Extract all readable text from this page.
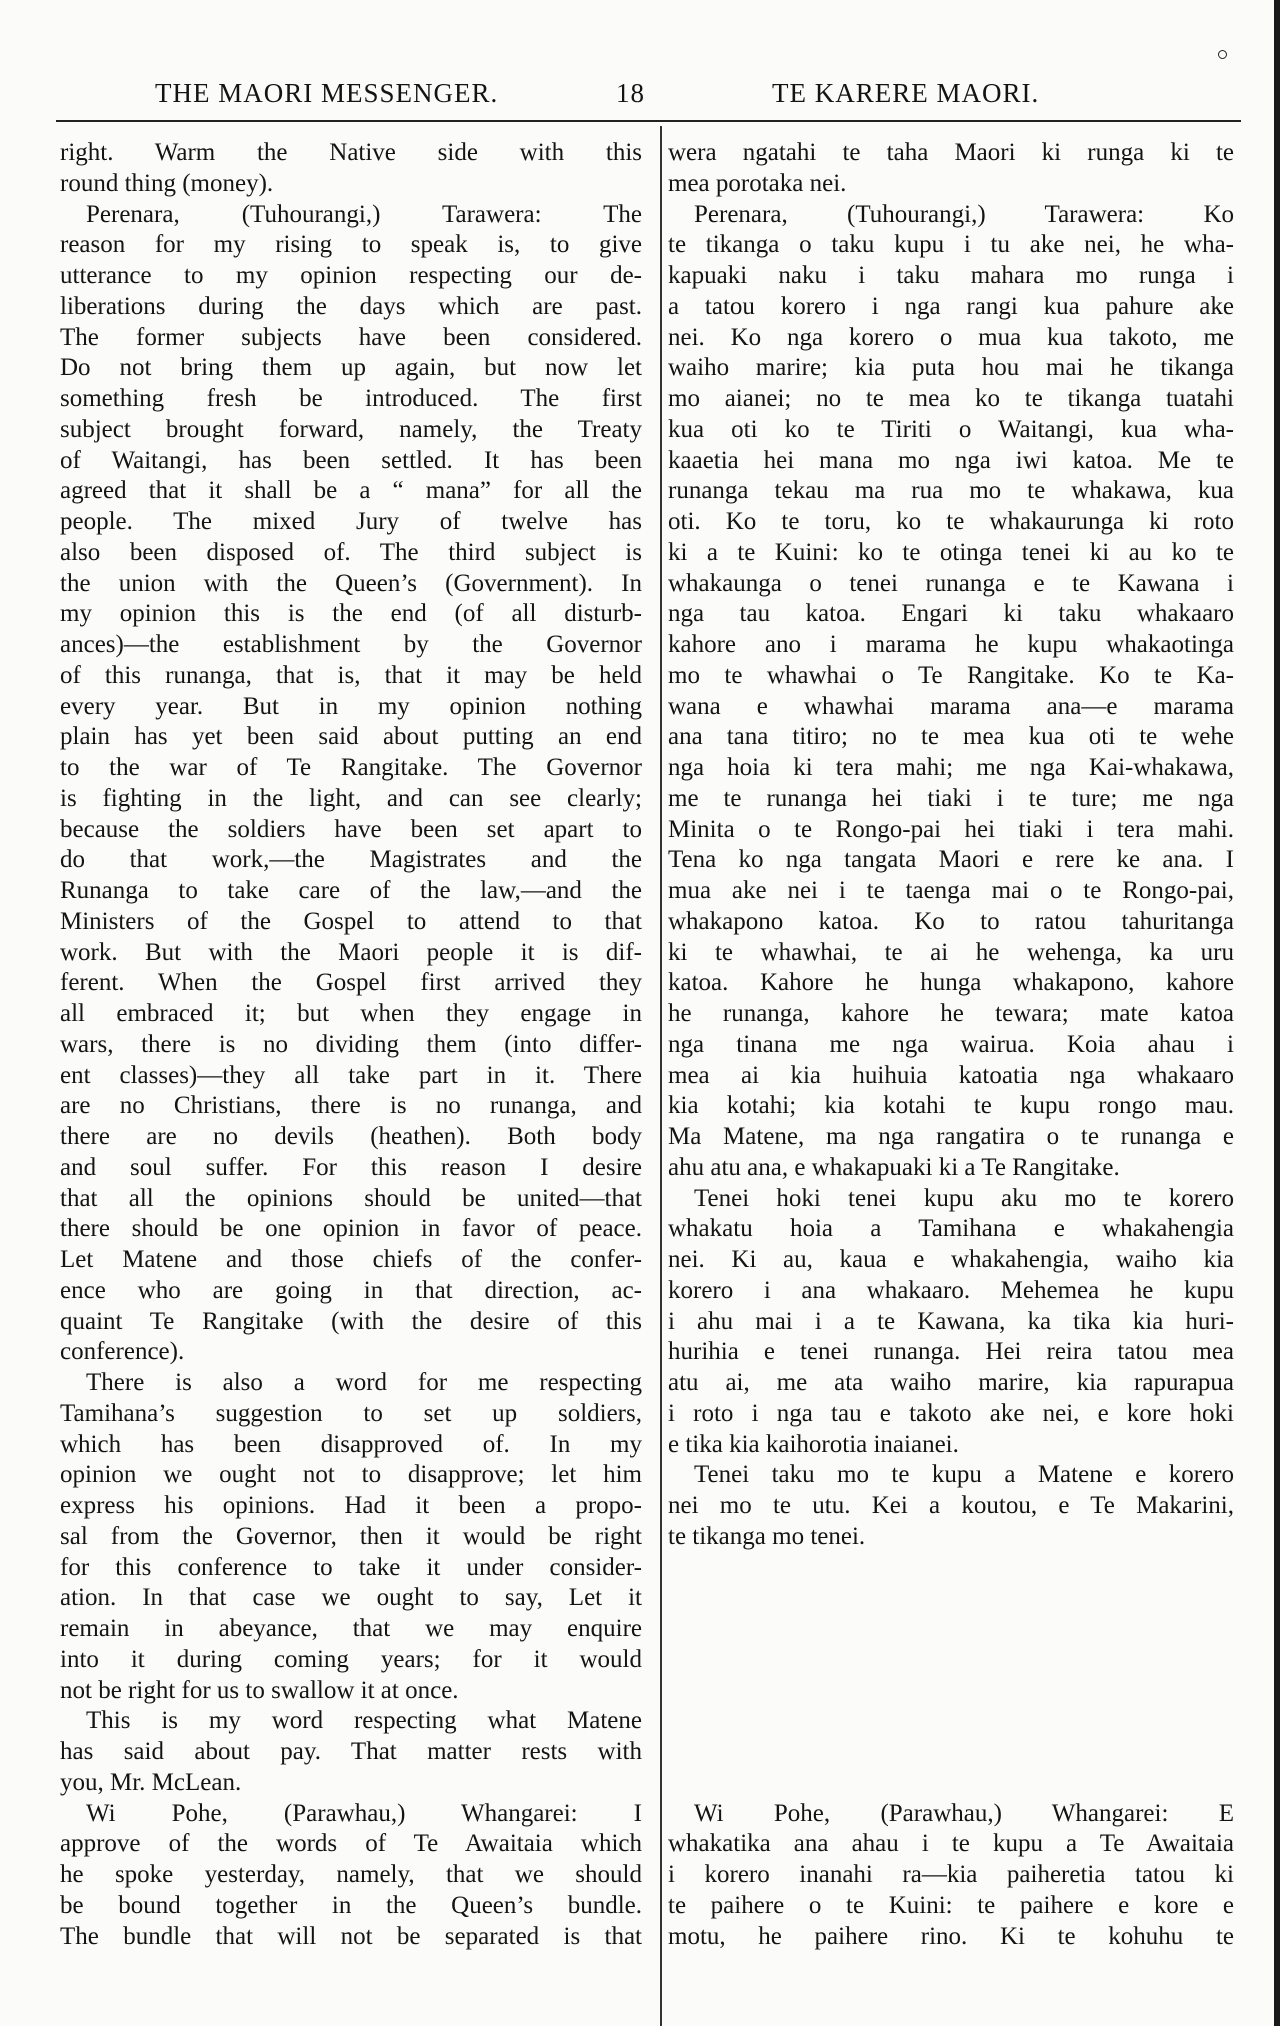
THE MAORI MESSENGER.	18	TE KARERE MAORI.
right. Warm the Native side with this
round thing (money).
Perenara, (Tuhourangi,) Tarawera: The
reason for my rising to speak is, to give
utterance to my opinion respecting our de-
liberations during the days which are past.
The former subjects have been considered.
Do not bring them up again, but now let
something fresh be introduced. The first
subject brought forward, namely, the Treaty
of Waitangi, has been settled. It has been
agreed that it shall be a “ mana” for all the
people. The mixed Jury of twelve has
also been disposed of. The third subject is
the union with the Queen’s (Government). In
my opinion this is the end (of all disturb-
ances)—the establishment by the Governor
of this runanga, that is, that it may be held
every year. But in my opinion nothing
plain has yet been said about putting an end
to the war of Te Rangitake. The Governor
is fighting in the light, and can see clearly;
because the soldiers have been set apart to
do that work,—the Magistrates and the
Runanga to take care of the law,—and the
Ministers of the Gospel to attend to that
work. But with the Maori people it is dif-
ferent. When the Gospel first arrived they
all embraced it; but when they engage in
wars, there is no dividing them (into differ-
ent classes)—they all take part in it. There
are no Christians, there is no runanga, and
there are no devils (heathen). Both body
and soul suffer. For this reason I desire
that all the opinions should be united—that
there should be one opinion in favor of peace.
Let Matene and those chiefs of the confer-
ence who are going in that direction, ac-
quaint Te Rangitake (with the desire of this
conference).
There is also a word for me respecting
Tamihana’s suggestion to set up soldiers,
which has been disapproved of. In my
opinion we ought not to disapprove; let him
express his opinions. Had it been a propo-
sal from the Governor, then it would be right
for this conference to take it under consider-
ation. In that case we ought to say, Let it
remain in abeyance, that we may enquire
into it during coming years; for it would
not be right for us to swallow it at once.
This is my word respecting what Matene
has said about pay. That matter rests with
you, Mr. McLean.
Wi Pohe, (Parawhau,) Whangarei: I
approve of the words of Te Awaitaia which
he spoke yesterday, namely, that we should
be bound together in the Queen’s bundle.
The bundle that will not be separated is that
wera ngatahi te taha Maori ki runga ki te
mea porotaka nei.
Perenara, (Tuhourangi,) Tarawera: Ko
te tikanga o taku kupu i tu ake nei, he wha-
kapuaki naku i taku mahara mo runga i
a tatou korero i nga rangi kua pahure ake
nei. Ko nga korero o mua kua takoto, me
waiho marire; kia puta hou mai he tikanga
mo aianei; no te mea ko te tikanga tuatahi
kua oti ko te Tiriti o Waitangi, kua wha-
kaaetia hei mana mo nga iwi katoa. Me te
runanga tekau ma rua mo te whakawa, kua
oti. Ko te toru, ko te whakaurunga ki roto
ki a te Kuini: ko te otinga tenei ki au ko te
whakaunga o tenei runanga e te Kawana i
nga tau katoa. Engari ki taku whakaaro
kahore ano i marama he kupu whakaotinga
mo te whawhai o Te Rangitake. Ko te Ka-
wana e whawhai marama ana—e marama
ana tana titiro; no te mea kua oti te wehe
nga hoia ki tera mahi; me nga Kai-whakawa,
me te runanga hei tiaki i te ture; me nga
Minita o te Rongo-pai hei tiaki i tera mahi.
Tena ko nga tangata Maori e rere ke ana. I
mua ake nei i te taenga mai o te Rongo-pai,
whakapono katoa. Ko to ratou tahuritanga
ki te whawhai, te ai he wehenga, ka uru
katoa. Kahore he hunga whakapono, kahore
he runanga, kahore he tewara; mate katoa
nga tinana me nga wairua. Koia ahau i
mea ai kia huihuia katoatia nga whakaaro
kia kotahi; kia kotahi te kupu rongo mau.
Ma Matene, ma nga rangatira o te runanga e
ahu atu ana, e whakapuaki ki a Te Rangitake.
Tenei hoki tenei kupu aku mo te korero
whakatu hoia a Tamihana e whakahengia
nei. Ki au, kaua e whakahengia, waiho kia
korero i ana whakaaro. Mehemea he kupu
i ahu mai i a te Kawana, ka tika kia huri-
hurihia e tenei runanga. Hei reira tatou mea
atu ai, me ata waiho marire, kia rapurapua
i roto i nga tau e takoto ake nei, e kore hoki
e tika kia kaihorotia inaianei.
Tenei taku mo te kupu a Matene e korero
nei mo te utu. Kei a koutou, e Te Makarini,
te tikanga mo tenei.
Wi Pohe, (Parawhau,) Whangarei: E
whakatika ana ahau i te kupu a Te Awaitaia
i korero inanahi ra—kia paiheretia tatou ki
te paihere o te Kuini: te paihere e kore e
motu, he paihere rino. Ki te kohuhu te
